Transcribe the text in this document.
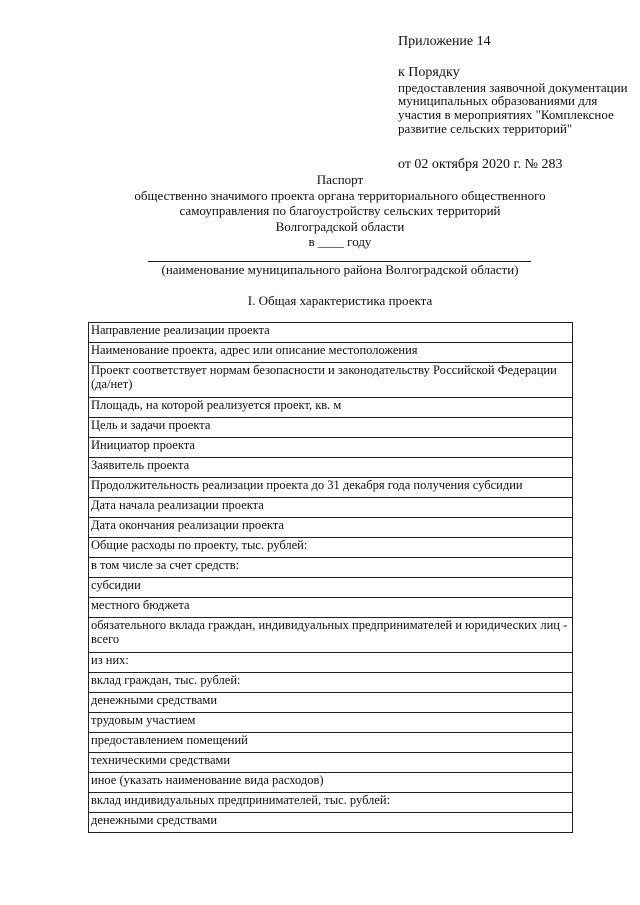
Приложение 14

к Порядку

предоставления заявочной документации муниципальных образованиями для участия в мероприятиях "Комплексное развитие сельских территорий"

от 02 октября 2020 г. № 283

Паспорт
общественно значимого проекта органа территориального общественного
самоуправления по благоустройству сельских территорий
Волгоградской области
в ____ году
(наименование муниципального района Волгоградской области)
I. Общая характеристика проекта
Направление реализации проекта
Наименование проекта, адрес или описание местоположения
Проект соответствует нормам безопасности и законодательству Российской Федерации (да/нет)
Площадь, на которой реализуется проект, кв. м
Цель и задачи проекта
Инициатор проекта
Заявитель проекта
Продолжительность реализации проекта до 31 декабря года получения субсидии
Дата начала реализации проекта
Дата окончания реализации проекта
Общие расходы по проекту, тыс. рублей:
в том числе за счет средств:
субсидии
местного бюджета
обязательного вклада граждан, индивидуальных предпринимателей и юридических лиц - всего
из них:
вклад граждан, тыс. рублей:
денежными средствами
трудовым участием
предоставлением помещений
техническими средствами
иное (указать наименование вида расходов)
вклад индивидуальных предпринимателей, тыс. рублей:
денежными средствами
